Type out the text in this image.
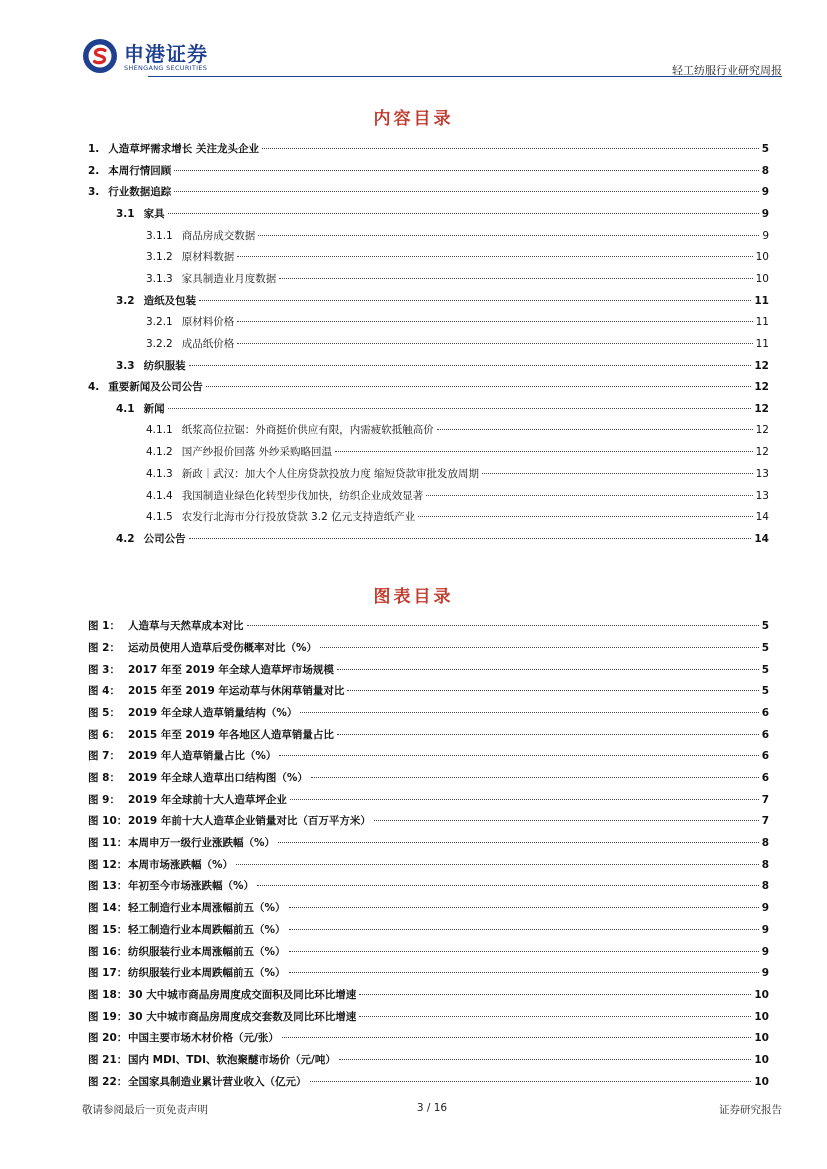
申港证券
SHENGANG SECURITIES	轻工纺服行业研究周报
内容目录
1. 人造草坪需求增长 关注龙头企业	5
2. 本周行情回顾	8
3. 行业数据追踪	9
3.1 家具	9
3.1.1 商品房成交数据	9
3.1.2 原材料数据	10
3.1.3 家具制造业月度数据	10
3.2 造纸及包装	11
3.2.1 原材料价格	11
3.2.2 成品纸价格	11
3.3 纺织服装	12
4. 重要新闻及公司公告	12
4.1 新闻	12
4.1.1 纸浆高位拉锯：外商挺价供应有限，内需疲软抵触高价	12
4.1.2 国产纱报价回落 外纱采购略回温	12
4.1.3 新政｜武汉：加大个人住房贷款投放力度 缩短贷款审批发放周期	13
4.1.4 我国制造业绿色化转型步伐加快，纺织企业成效显著	13
4.1.5 农发行北海市分行投放贷款 3.2 亿元支持造纸产业	14
4.2 公司公告	14
图表目录
图 1： 人造草与天然草成本对比	5
图 2： 运动员使用人造草后受伤概率对比（%）	5
图 3： 2017 年至 2019 年全球人造草坪市场规模	5
图 4： 2015 年至 2019 年运动草与休闲草销量对比	5
图 5： 2019 年全球人造草销量结构（%）	6
图 6： 2015 年至 2019 年各地区人造草销量占比	6
图 7： 2019 年人造草销量占比（%）	6
图 8： 2019 年全球人造草出口结构图（%）	6
图 9： 2019 年全球前十大人造草坪企业	7
图 10： 2019 年前十大人造草企业销量对比（百万平方米）	7
图 11： 本周申万一级行业涨跌幅（%）	8
图 12： 本周市场涨跌幅（%）	8
图 13： 年初至今市场涨跌幅（%）	8
图 14： 轻工制造行业本周涨幅前五（%）	9
图 15： 轻工制造行业本周跌幅前五（%）	9
图 16： 纺织服装行业本周涨幅前五（%）	9
图 17： 纺织服装行业本周跌幅前五（%）	9
图 18： 30 大中城市商品房周度成交面积及同比环比增速	10
图 19： 30 大中城市商品房周度成交套数及同比环比增速	10
图 20： 中国主要市场木材价格（元/张）	10
图 21： 国内 MDI、TDI、软泡聚醚市场价（元/吨）	10
图 22： 全国家具制造业累计营业收入（亿元）	10
敬请参阅最后一页免责声明	3 / 16	证券研究报告
